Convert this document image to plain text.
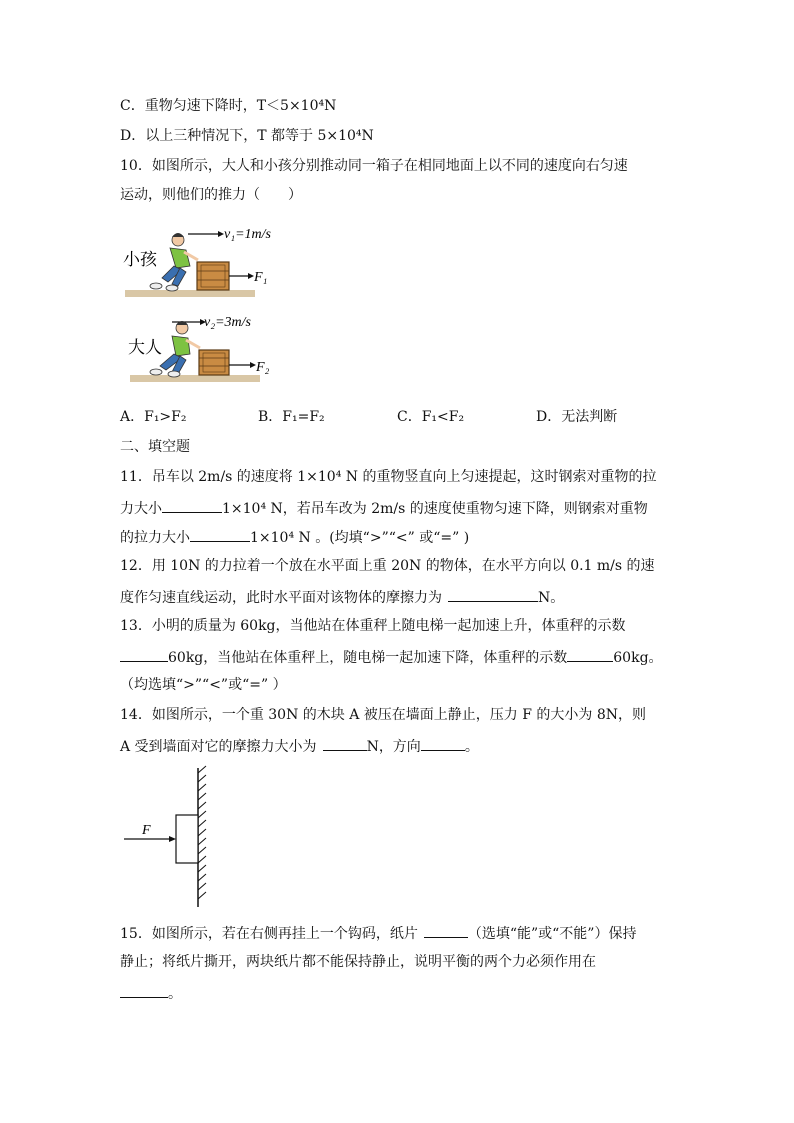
C．重物匀速下降时，T＜5×10⁴N
D．以上三种情况下，T 都等于 5×10⁴N
10．如图所示，大人和小孩分别推动同一箱子在相同地面上以不同的速度向右匀速
运动，则他们的推力（　　）
v₁=1m/s
小孩
F₁
v₂=3m/s
大人
F₂
A．F₁>F₂	B．F₁=F₂	C．F₁<F₂	D．无法判断
二、填空题
11．吊车以 2m/s 的速度将 1×10⁴ N 的重物竖直向上匀速提起，这时钢索对重物的拉
力大小	1×10⁴ N，若吊车改为 2m/s 的速度使重物匀速下降，则钢索对重物
的拉力大小	1×10⁴ N 。(均填“>”“<” 或“=” )
12．用 10N 的力拉着一个放在水平面上重 20N 的物体，在水平方向以 0.1 m/s 的速
度作匀速直线运动，此时水平面对该物体的摩擦力为	N。
13．小明的质量为 60kg，当他站在体重秤上随电梯一起加速上升，体重秤的示数
60kg，当他站在体重秤上，随电梯一起加速下降，体重秤的示数	60kg。
（均选填“>”“<”或“=” ）
14．如图所示，一个重 30N 的木块 A 被压在墙面上静止，压力 F 的大小为 8N，则
A 受到墙面对它的摩擦力大小为	N，方向	。
F
15．如图所示，若在右侧再挂上一个钩码，纸片	（选填“能”或“不能”）保持
静止；将纸片撕开，两块纸片都不能保持静止，说明平衡的两个力必须作用在
。
